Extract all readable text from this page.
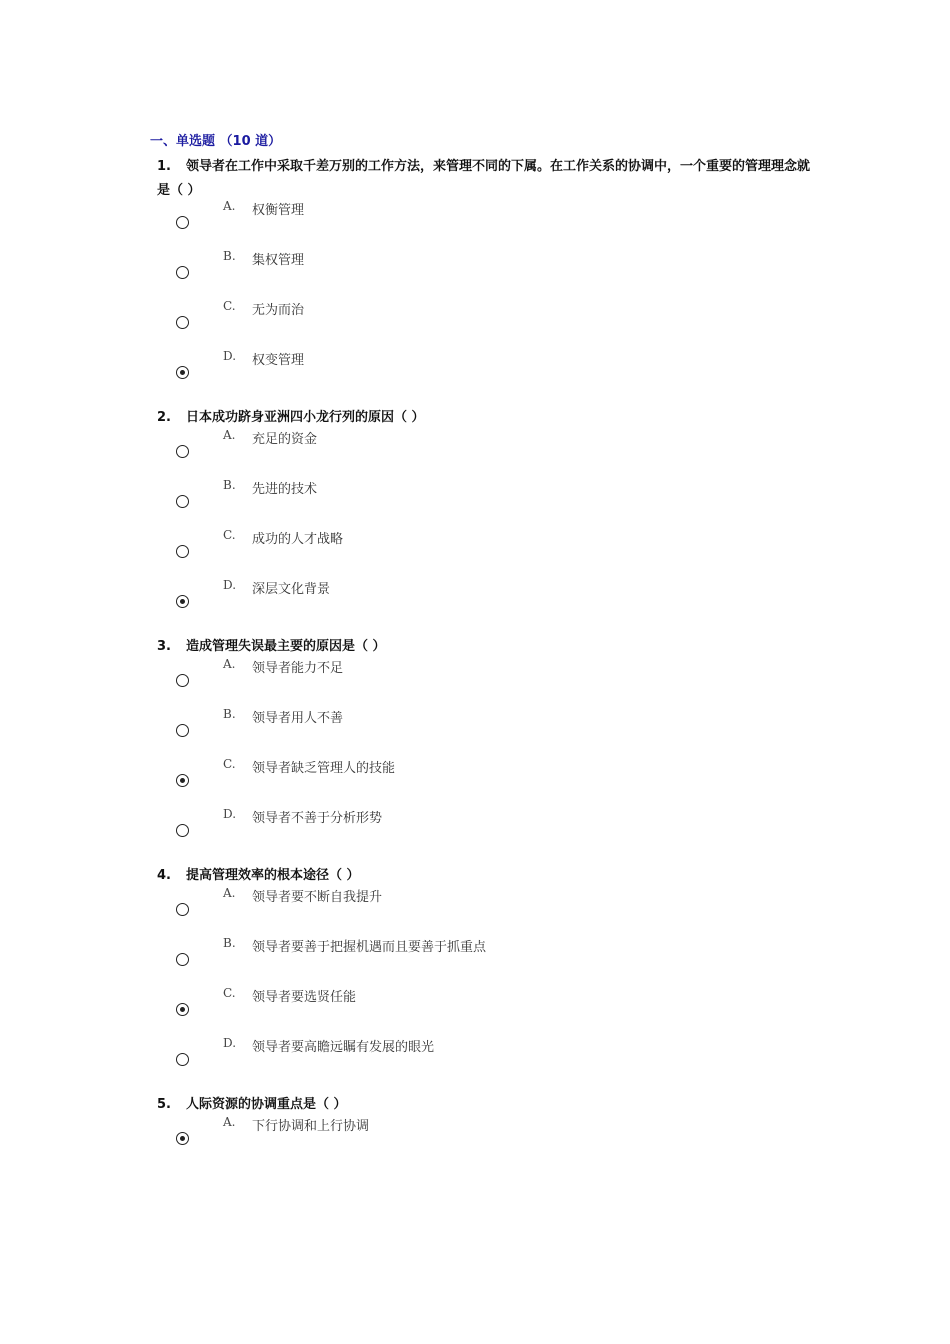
一、单选题 （10 道）
1. 领导者在工作中采取千差万别的工作方法，来管理不同的下属。在工作关系的协调中，一个重要的管理理念就是（ ）
A. 权衡管理
B. 集权管理
C. 无为而治
D. 权变管理
2. 日本成功跻身亚洲四小龙行列的原因（ ）
A. 充足的资金
B. 先进的技术
C. 成功的人才战略
D. 深层文化背景
3. 造成管理失误最主要的原因是（ ）
A. 领导者能力不足
B. 领导者用人不善
C. 领导者缺乏管理人的技能
D. 领导者不善于分析形势
4. 提高管理效率的根本途径（ ）
A. 领导者要不断自我提升
B. 领导者要善于把握机遇而且要善于抓重点
C. 领导者要选贤任能
D. 领导者要高瞻远瞩有发展的眼光
5. 人际资源的协调重点是（ ）
A. 下行协调和上行协调
